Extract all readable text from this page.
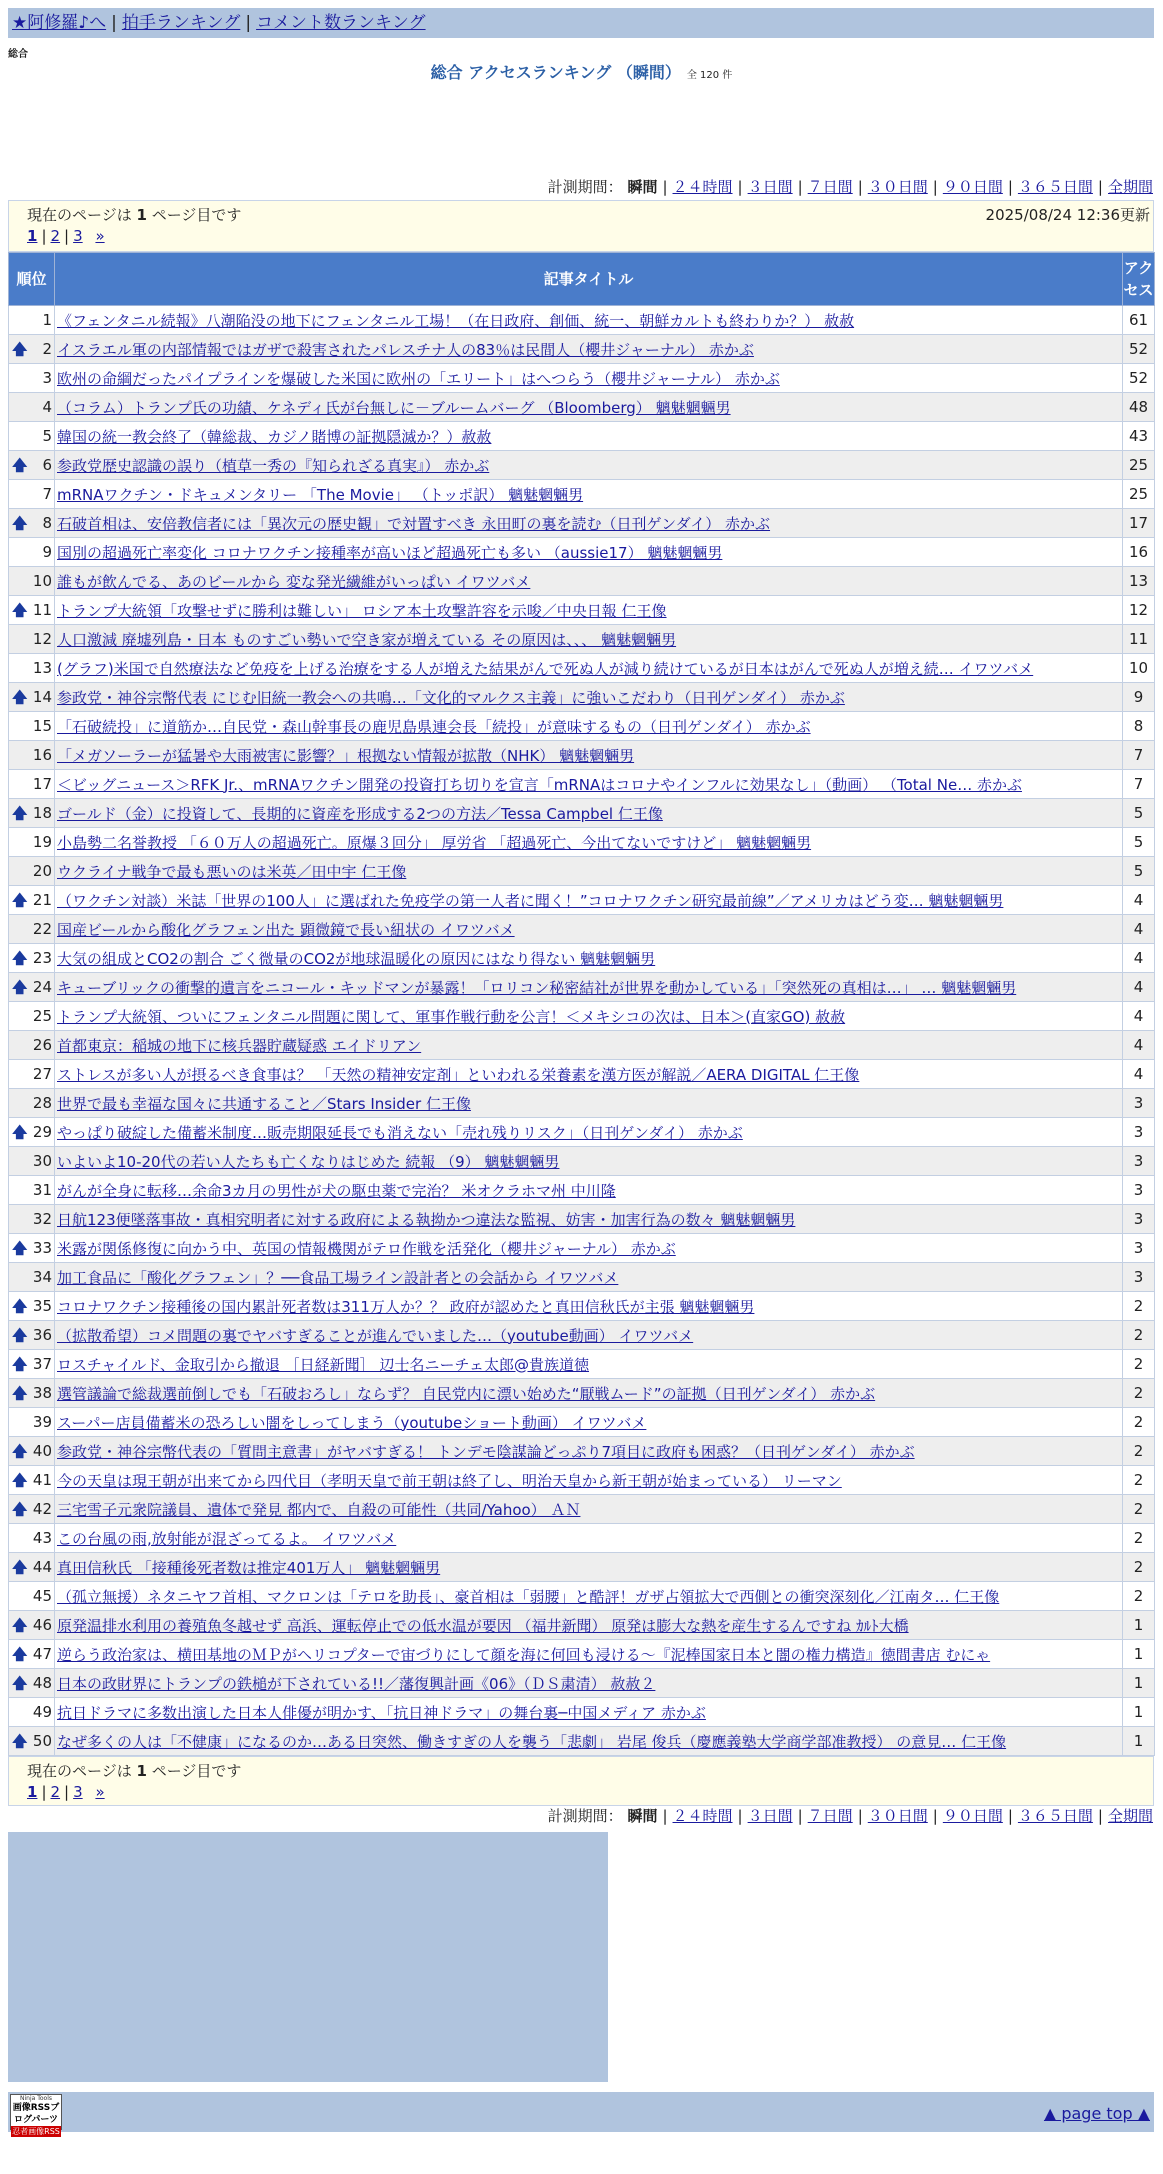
★阿修羅♪へ | 拍手ランキング | コメント数ランキング
総合
総合 アクセスランキング （瞬間） 全 120 件
計測期間： 瞬間 | ２４時間 | ３日間 | ７日間 | ３０日間 | ９０日間 | ３６５日間 | 全期間
現在のページは 1 ページ目です	2025/08/24 12:36更新
1 | 2 | 3 »
順位	記事タイトル	アクセス
1	《フェンタニル続報》八潮陥没の地下にフェンタニル工場！（在日政府、創価、統一、朝鮮カルトも終わりか？） 赦赦	61

🡅 2	イスラエル軍の内部情報ではガザで殺害されたパレスチナ人の83％は民間人（櫻井ジャーナル） 赤かぶ	52
3	欧州の命綱だったパイプラインを爆破した米国に欧州の「エリート」はへつらう（櫻井ジャーナル） 赤かぶ	52
4	（コラム）トランプ氏の功績、ケネディ氏が台無しに－ブルームバーグ （Bloomberg） 魑魅魍魎男	48
5	韓国の統一教会終了（韓総裁、カジノ賭博の証拠隠滅か？）赦赦	43

🡅 6	参政党歴史認識の誤り（植草一秀の『知られざる真実』） 赤かぶ	25
7	mRNAワクチン・ドキュメンタリー 「The Movie」 （トッポ訳） 魑魅魍魎男	25

🡅 8	石破首相は、安倍教信者には「異次元の歴史観」で対置すべき 永田町の裏を読む（日刊ゲンダイ） 赤かぶ	17
9	国別の超過死亡率変化 コロナワクチン接種率が高いほど超過死亡も多い （aussie17） 魑魅魍魎男	16
10	誰もが飲んでる、あのビールから 変な発光繊維がいっぱい イワツバメ	13

🡅 11	トランプ大統領「攻撃せずに勝利は難しい」 ロシア本土攻撃許容を示唆／中央日報 仁王像	12
12	人口激減 廃墟列島・日本 ものすごい勢いで空き家が増えている その原因は、、、 魑魅魍魎男	11
13	(グラフ)米国で自然療法など免疫を上げる治療をする人が増えた結果がんで死ぬ人が減り続けているが日本はがんで死ぬ人が増え続… イワツバメ	10

🡅 14	参政党・神谷宗幣代表 にじむ旧統一教会への共鳴…「文化的マルクス主義」に強いこだわり（日刊ゲンダイ） 赤かぶ	9
15	「石破続投」に道筋か…自民党・森山幹事長の鹿児島県連会長「続投」が意味するもの（日刊ゲンダイ） 赤かぶ	8
16	「メガソーラーが猛暑や大雨被害に影響？」根拠ない情報が拡散（NHK） 魑魅魍魎男	7
17	＜ビッグニュース＞RFK Jr.、mRNAワクチン開発の投資打ち切りを宣言「mRNAはコロナやインフルに効果なし」（動画） （Total Ne… 赤かぶ	7

🡅 18	ゴールド（金）に投資して、長期的に資産を形成する2つの方法／Tessa Campbel 仁王像	5
19	小島勢二名誉教授 「６０万人の超過死亡。原爆３回分」 厚労省 「超過死亡、今出てないですけど」 魑魅魍魎男	5
20	ウクライナ戦争で最も悪いのは米英／田中宇 仁王像	5

🡅 21	（ワクチン対談）米誌「世界の100人」に選ばれた免疫学の第一人者に聞く！”コロナワクチン研究最前線”／アメリカはどう変… 魑魅魍魎男	4
22	国産ビールから酸化グラフェン出た 顕微鏡で長い紐状の イワツバメ	4

🡅 23	大気の組成とCO2の割合 ごく微量のCO2が地球温暖化の原因にはなり得ない 魑魅魍魎男	4

🡅 24	キューブリックの衝撃的遺言をニコール・キッドマンが暴露！「ロリコン秘密結社が世界を動かしている」「突然死の真相は…」 … 魑魅魍魎男	4
25	トランプ大統領、ついにフェンタニル問題に関して、軍事作戦行動を公言！＜メキシコの次は、日本＞(直家GO) 赦赦	4
26	首都東京：稲城の地下に核兵器貯蔵疑惑 エイドリアン	4
27	ストレスが多い人が摂るべき食事は？ 「天然の精神安定剤」といわれる栄養素を漢方医が解説／AERA DIGITAL 仁王像	4
28	世界で最も幸福な国々に共通すること／Stars Insider 仁王像	3

🡅 29	やっぱり破綻した備蓄米制度…販売期限延長でも消えない「売れ残りリスク」（日刊ゲンダイ） 赤かぶ	3
30	いよいよ10-20代の若い人たちも亡くなりはじめた 続報 （9） 魑魅魍魎男	3
31	がんが全身に転移…余命3カ月の男性が犬の駆虫薬で完治？ 米オクラホマ州 中川隆	3
32	日航123便墜落事故・真相究明者に対する政府による執拗かつ違法な監視、妨害・加害行為の数々 魑魅魍魎男	3

🡅 33	米露が関係修復に向かう中、英国の情報機関がテロ作戦を活発化（櫻井ジャーナル） 赤かぶ	3
34	加工食品に「酸化グラフェン」？──食品工場ライン設計者との会話から イワツバメ	3

🡅 35	コロナワクチン接種後の国内累計死者数は311万人か？？ 政府が認めたと真田信秋氏が主張 魑魅魍魎男	2

🡅 36	（拡散希望）コメ問題の裏でヤバすぎることが進んでいました…（youtube動画） イワツバメ	2

🡅 37	ロスチャイルド、金取引から撤退 ［日経新聞］ 辺士名ニーチェ太郎@貴族道徳	2

🡅 38	選管議論で総裁選前倒しでも「石破おろし」ならず？ 自民党内に漂い始めた“厭戦ムード”の証拠（日刊ゲンダイ） 赤かぶ	2
39	スーパー店員備蓄米の恐ろしい闇をしってしまう（youtubeショート動画） イワツバメ	2

🡅 40	参政党・神谷宗幣代表の「質問主意書」がヤバすぎる！ トンデモ陰謀論どっぷり7項目に政府も困惑？（日刊ゲンダイ） 赤かぶ	2

🡅 41	今の天皇は現王朝が出来てから四代目（孝明天皇で前王朝は終了し、明治天皇から新王朝が始まっている） リーマン	2

🡅 42	三宅雪子元衆院議員、遺体で発見 都内で、自殺の可能性（共同/Yahoo） ＡＮ	2
43	この台風の雨,放射能が混ざってるよ。 イワツバメ	2

🡅 44	真田信秋氏 「接種後死者数は推定401万人」 魑魅魍魎男	2
45	（孤立無援）ネタニヤフ首相、マクロンは「テロを助長」、豪首相は「弱腰」と酷評！ガザ占領拡大で西側との衝突深刻化／江南タ… 仁王像	2

🡅 46	原発温排水利用の養殖魚冬越せず 高浜、運転停止での低水温が要因 （福井新聞） 原発は膨大な熱を産生するんですね ｶﾙﾄ大橋	1

🡅 47	逆らう政治家は、横田基地のＭＰがヘリコプターで宙づりにして顔を海に何回も浸ける～『泥棒国家日本と闇の権力構造』徳間書店 むにゃ	1

🡅 48	日本の政財界にトランプの鉄槌が下されている!!／藩復興計画《06》（ＤＳ粛清） 赦赦２	1
49	抗日ドラマに多数出演した日本人俳優が明かす、「抗日神ドラマ」の舞台裏─中国メディア 赤かぶ	1

🡅 50	なぜ多くの人は「不健康」になるのか…ある日突然、働きすぎの人を襲う「悲劇」 岩尾 俊兵（慶應義塾大学商学部准教授） の意見… 仁王像	1
計測期間： 瞬間 | ２４時間 | ３日間 | ７日間 | ３０日間 | ９０日間 | ３６５日間 | 全期間
Ninja Tools
画像RSSブログパーツ
忍者画像RSS
▲ page top ▲
現在のページは 1 ページ目です
1 | 2 | 3 »
